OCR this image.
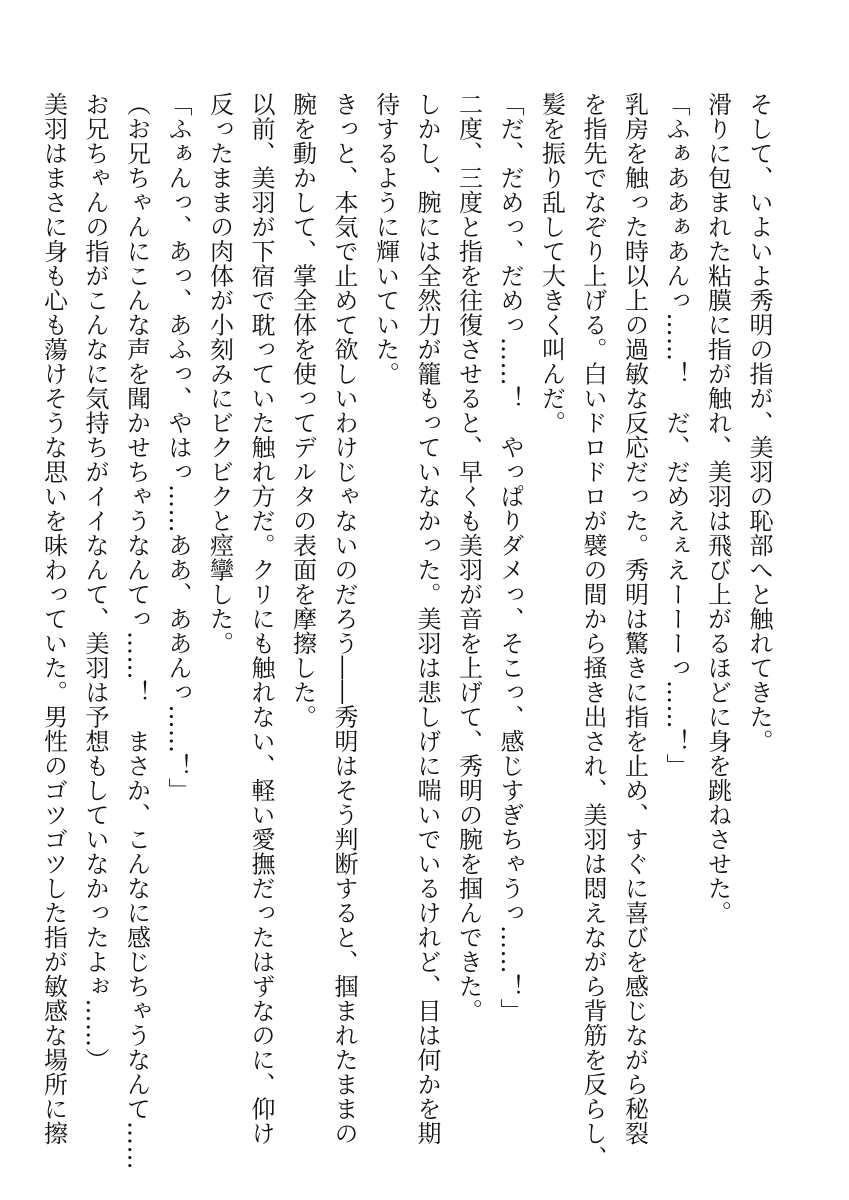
そして、いよいよ秀明の指が、美羽の恥部へと触れてきた。
滑りに包まれた粘膜に指が触れ、美羽は飛び上がるほどに身を跳ねさせた。
「ふぁああぁあんっ……！　だ、だめえぇえーーーっ……！」
乳房を触った時以上の過敏な反応だった。秀明は驚きに指を止め、すぐに喜びを感じながら秘裂
を指先でなぞり上げる。白いドロドロが襞の間から掻き出され、美羽は悶えながら背筋を反らし、
髪を振り乱して大きく叫んだ。
「だ、だめっ、だめっ……！　やっぱりダメっ、そこっ、感じすぎちゃうっ……！」
二度、三度と指を往復させると、早くも美羽が音を上げて、秀明の腕を掴んできた。
しかし、腕には全然力が籠もっていなかった。美羽は悲しげに喘いでいるけれど、目は何かを期
待するように輝いていた。
きっと、本気で止めて欲しいわけじゃないのだろう――秀明はそう判断すると、掴まれたままの
腕を動かして、掌全体を使ってデルタの表面を摩擦した。
以前、美羽が下宿で耽っていた触れ方だ。クリにも触れない、軽い愛撫だったはずなのに、仰け
反ったままの肉体が小刻みにビクビクと痙攣した。
「ふぁんっ、あっ、あふっ、やはっ……ああ、ああんっ……！」
（お兄ちゃんにこんな声を聞かせちゃうなんてっ……！　まさか、こんなに感じちゃうなんて……
お兄ちゃんの指がこんなに気持ちがイイなんて、美羽は予想もしていなかったよぉ……）
美羽はまさに身も心も蕩けそうな思いを味わっていた。男性のゴツゴツした指が敏感な場所に擦
